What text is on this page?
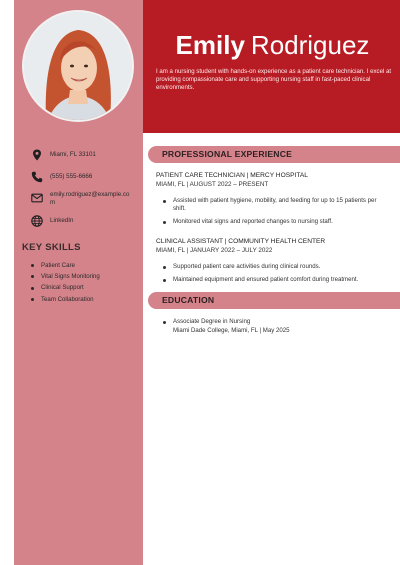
Emily Rodriguez
I am a nursing student with hands-on experience as a patient care technician. I excel at providing compassionate care and supporting nursing staff in fast-paced clinical environments.
Miami, FL 33101
(555) 555-6666
emily.rodriguez@example.com
LinkedIn
KEY SKILLS
Patient Care
Vital Signs Monitoring
Clinical Support
Team Collaboration
PROFESSIONAL EXPERIENCE
PATIENT CARE TECHNICIAN | MERCY HOSPITAL
MIAMI, FL | AUGUST 2022 – PRESENT
Assisted with patient hygiene, mobility, and feeding for up to 15 patients per shift.
Monitored vital signs and reported changes to nursing staff.
CLINICAL ASSISTANT | COMMUNITY HEALTH CENTER
MIAMI, FL | JANUARY 2022 – JULY 2022
Supported patient care activities during clinical rounds.
Maintained equipment and ensured patient comfort during treatment.
EDUCATION
Associate Degree in Nursing
Miami Dade College, Miami, FL | May 2025
